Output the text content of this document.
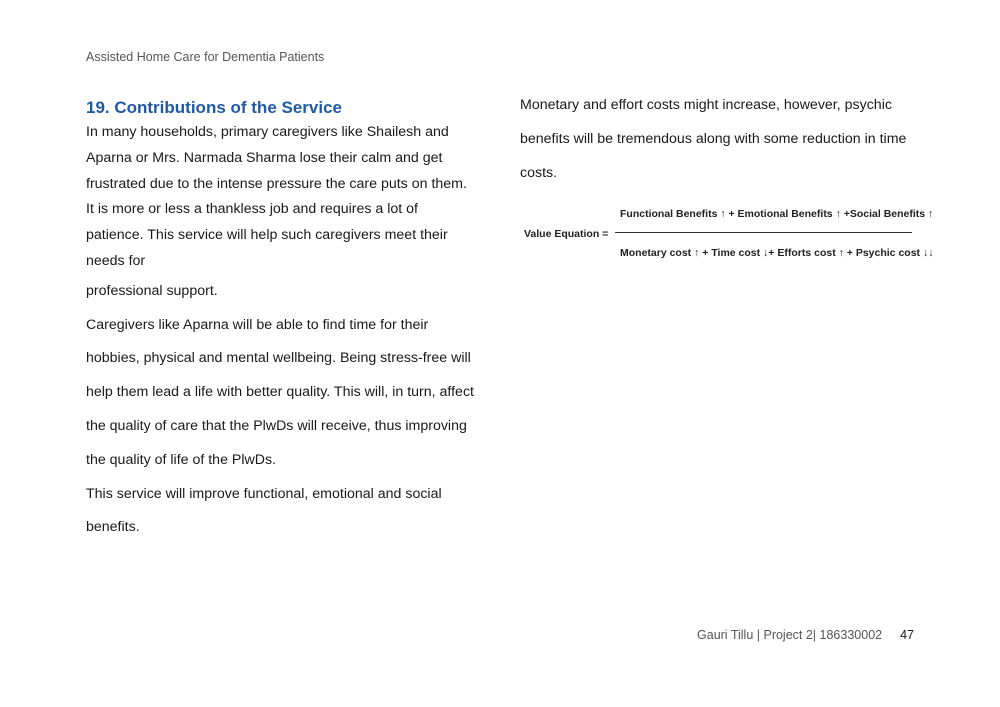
Assisted Home Care for Dementia Patients
19. Contributions of the Service

In many households, primary caregivers like Shailesh and Aparna or Mrs. Narmada Sharma lose their calm and get frustrated due to the intense pressure the care puts on them. It is more or less a thankless job and requires a lot of patience. This service will help such caregivers meet their needs for

professional support.

Caregivers like Aparna will be able to find time for their hobbies, physical and mental wellbeing. Being stress-free will help them lead a life with better quality. This will, in turn, affect the quality of care that the PlwDs will receive, thus improving the quality of life of the PlwDs.

This service will improve functional, emotional and social benefits.

Monetary and effort costs might increase, however, psychic benefits will be tremendous along with some reduction in time costs.

Value Equation =
Functional Benefits ↑ + Emotional Benefits ↑ +Social Benefits ↑
Monetary cost ↑ + Time cost ↓+ Efforts cost ↑ + Psychic cost ↓↓
Gauri Tillu | Project 2| 186330002 47
